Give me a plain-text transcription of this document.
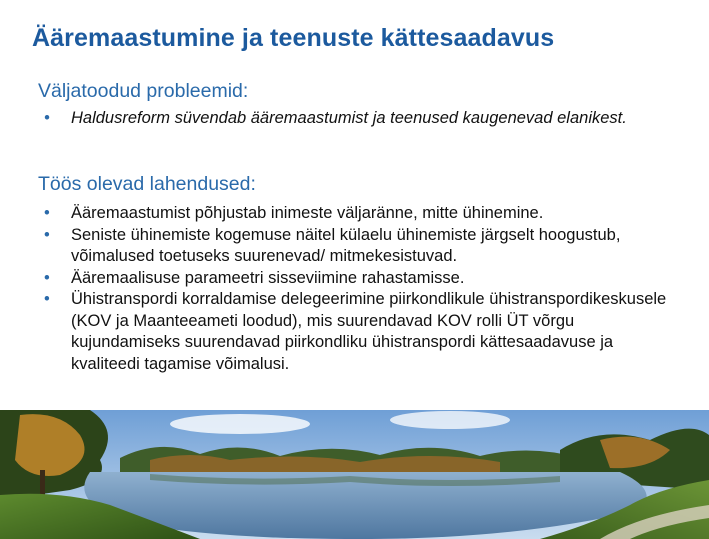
Ääremaastumine ja teenuste kättesaadavus
Väljatoodud probleemid:
• Haldusreform süvendab ääremaastumist ja teenused kaugenevad elanikest.
Töös olevad lahendused:
• Ääremaastumist põhjustab inimeste väljaränne, mitte ühinemine.
• Seniste ühinemiste kogemuse näitel külaelu ühinemiste järgselt hoogustub, võimalused toetuseks suurenevad/ mitmekesistuvad.
• Ääremaalisuse parameetri sisseviimine rahastamisse.
• Ühistranspordi korraldamise delegeerimine piirkondlikule ühistranspordikeskusele (KOV ja Maanteeameti loodud), mis suurendavad KOV rolli ÜT võrgu kujundamiseks suurendavad piirkondliku ühistranspordi kättesaadavuse ja kvaliteedi tagamise võimalusi.
